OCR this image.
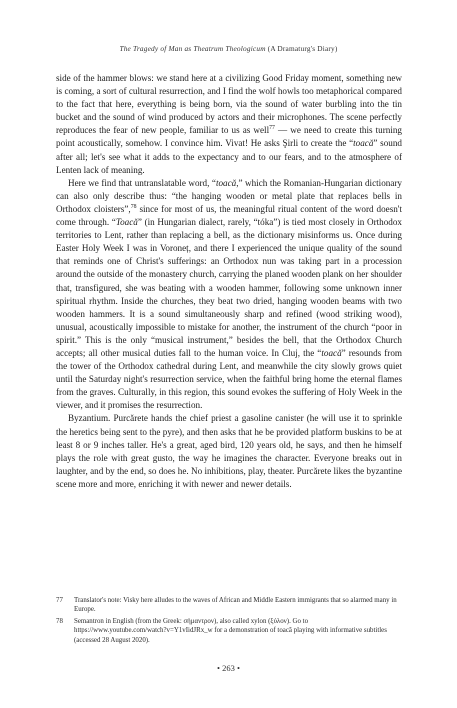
The Tragedy of Man as Theatrum Theologicum (A Dramaturg's Diary)

side of the hammer blows: we stand here at a civilizing Good Friday moment, something new is coming, a sort of cultural resurrection, and I find the wolf howls too metaphorical compared to the fact that here, everything is being born, via the sound of water burbling into the tin bucket and the sound of wind produced by actors and their microphones. The scene perfectly reproduces the fear of new people, familiar to us as well$^{77}$ — we need to create this turning point acoustically, somehow. I convince him. Vivat! He asks Şirli to create the “toacă” sound after all; let's see what it adds to the expectancy and to our fears, and to the atmosphere of Lenten lack of meaning.

Here we find that untranslatable word, “toacă,” which the Romanian-Hungarian dictionary can also only describe thus: “the hanging wooden or metal plate that replaces bells in Orthodox cloisters”,$^{78}$ since for most of us, the meaningful ritual content of the word doesn't come through. “Toacă” (in Hungarian dialect, rarely, “tóka”) is tied most closely in Orthodox territories to Lent, rather than replacing a bell, as the dictionary misinforms us. Once during Easter Holy Week I was in Voroneț, and there I experienced the unique quality of the sound that reminds one of Christ's sufferings: an Orthodox nun was taking part in a procession around the outside of the monastery church, carrying the planed wooden plank on her shoulder that, transfigured, she was beating with a wooden hammer, following some unknown inner spiritual rhythm. Inside the churches, they beat two dried, hanging wooden beams with two wooden hammers. It is a sound simultaneously sharp and refined (wood striking wood), unusual, acoustically impossible to mistake for another, the instrument of the church “poor in spirit.” This is the only “musical instrument,” besides the bell, that the Orthodox Church accepts; all other musical duties fall to the human voice. In Cluj, the “toacă” resounds from the tower of the Orthodox cathedral during Lent, and meanwhile the city slowly grows quiet until the Saturday night's resurrection service, when the faithful bring home the eternal flames from the graves. Culturally, in this region, this sound evokes the suffering of Holy Week in the viewer, and it promises the resurrection.

Byzantium. Purcărete hands the chief priest a gasoline canister (he will use it to sprinkle the heretics being sent to the pyre), and then asks that he be provided platform buskins to be at least 8 or 9 inches taller. He's a great, aged bird, 120 years old, he says, and then he himself plays the role with great gusto, the way he imagines the character. Everyone breaks out in laughter, and by the end, so does he. No inhibitions, play, theater. Purcărete likes the byzantine scene more and more, enriching it with newer and newer details.

77	Translator's note: Visky here alludes to the waves of African and Middle Eastern immigrants that so alarmed many in Europe.
78	Semantron in English (from the Greek: σήμαντρον), also called xylon (ξύλον). Go to https://www.youtube.com/watch?v=Y1vIidJRx_w for a demonstration of toacă playing with informative subtitles (accessed 28 August 2020).
• 263 •
